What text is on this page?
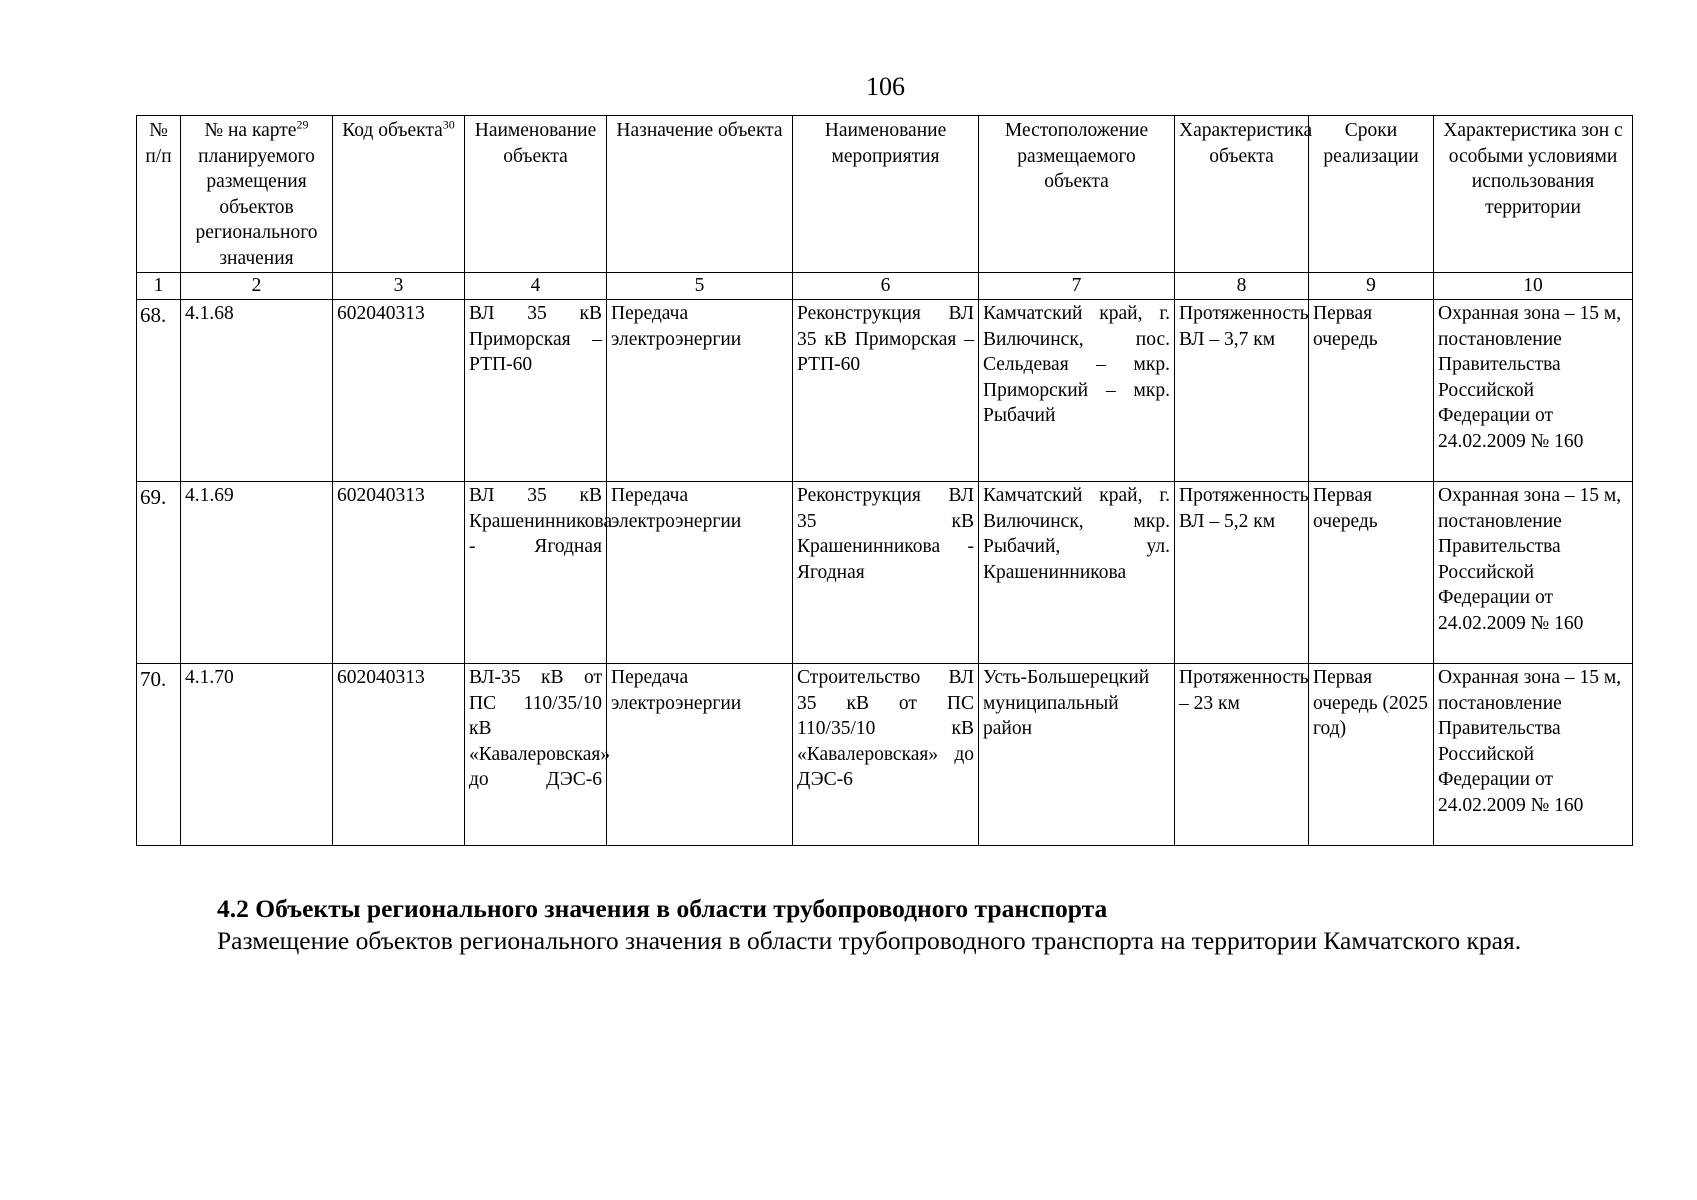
106
№ п/п	№ на карте$^{29}$ планируемого размещения объектов регионального значения	Код объекта$^{30}$	Наименование объекта	Назначение объекта	Наименование мероприятия	Местоположение размещаемого объекта	Характеристика объекта	Сроки реализации	Характеристика зон с особыми условиями использования территории
1	2	3	4	5	6	7	8	9	10
68.	4.1.68	602040313	ВЛ 35 кВ Приморская – РТП-60	Передача электроэнергии	Реконструкция ВЛ 35 кВ Приморская – РТП-60	Камчатский край, г. Вилючинск, пос. Сельдевая – мкр. Приморский – мкр. Рыбачий	Протяженность ВЛ – 3,7 км	Первая очередь	Охранная зона – 15 м, постановление Правительства Российской Федерации от 24.02.2009 № 160
69.	4.1.69	602040313	ВЛ 35 кВ Крашенинникова - Ягодная	Передача электроэнергии	Реконструкция ВЛ 35 кВ Крашенинникова - Ягодная	Камчатский край, г. Вилючинск, мкр. Рыбачий, ул. Крашенинникова	Протяженность ВЛ – 5,2 км	Первая очередь	Охранная зона – 15 м, постановление Правительства Российской Федерации от 24.02.2009 № 160
70.	4.1.70	602040313	ВЛ-35 кВ от ПС 110/35/10 кВ «Кавалеровская» до ДЭС-6	Передача электроэнергии	Строительство ВЛ 35 кВ от ПС 110/35/10 кВ «Кавалеровская» до ДЭС-6	Усть-Большерецкий муниципальный район	Протяженность – 23 км	Первая очередь (2025 год)	Охранная зона – 15 м, постановление Правительства Российской Федерации от 24.02.2009 № 160
4.2 Объекты регионального значения в области трубопроводного транспорта

Размещение объектов регионального значения в области трубопроводного транспорта на территории Камчатского края.
